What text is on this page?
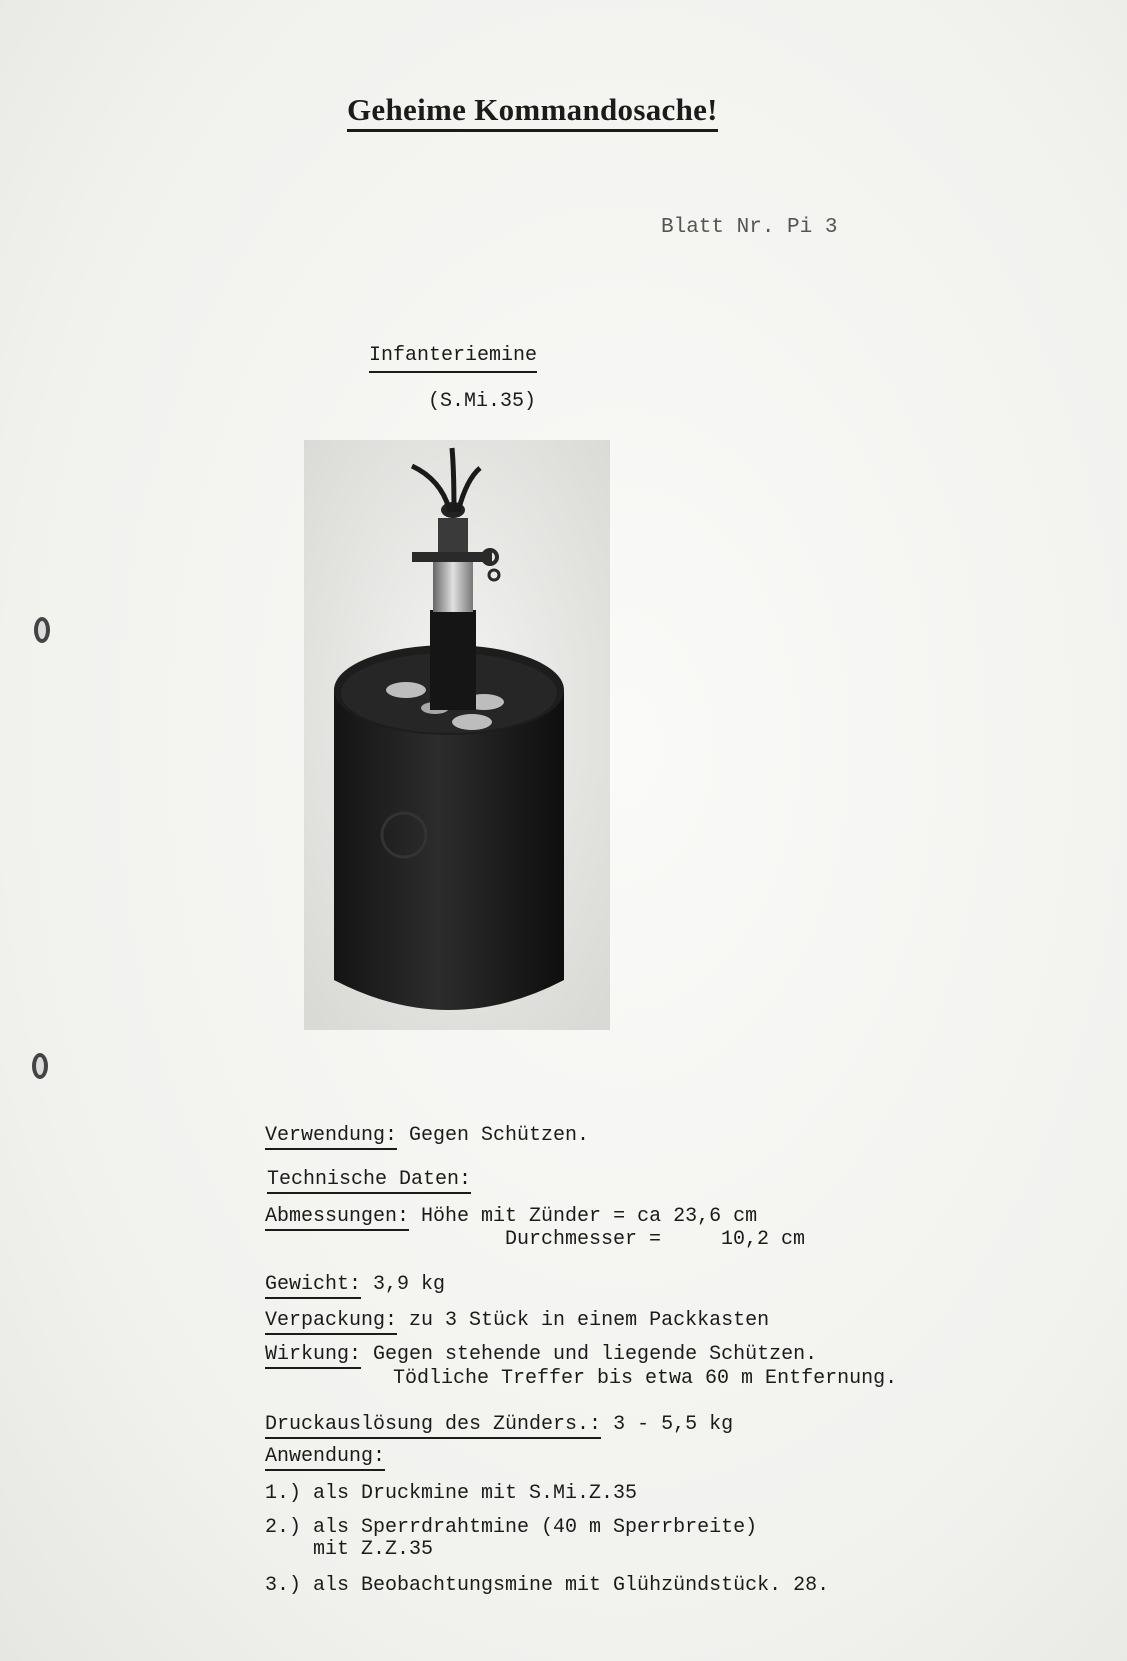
Geheime Kommandosache!
Blatt Nr. Pi 3
Infanteriemine
(S.Mi.35)
Verwendung: Gegen Schützen.
Technische Daten:
Abmessungen: Höhe mit Zünder = ca 23,6 cm
Durchmesser =     10,2 cm
Gewicht: 3,9 kg
Verpackung: zu 3 Stück in einem Packkasten
Wirkung: Gegen stehende und liegende Schützen.
Tödliche Treffer bis etwa 60 m Entfernung.
Druckauslösung des Zünders.: 3 - 5,5 kg
Anwendung:
1.) als Druckmine mit S.Mi.Z.35
2.) als Sperrdrahtmine (40 m Sperrbreite)
mit Z.Z.35
3.) als Beobachtungsmine mit Glühzündstück. 28.
